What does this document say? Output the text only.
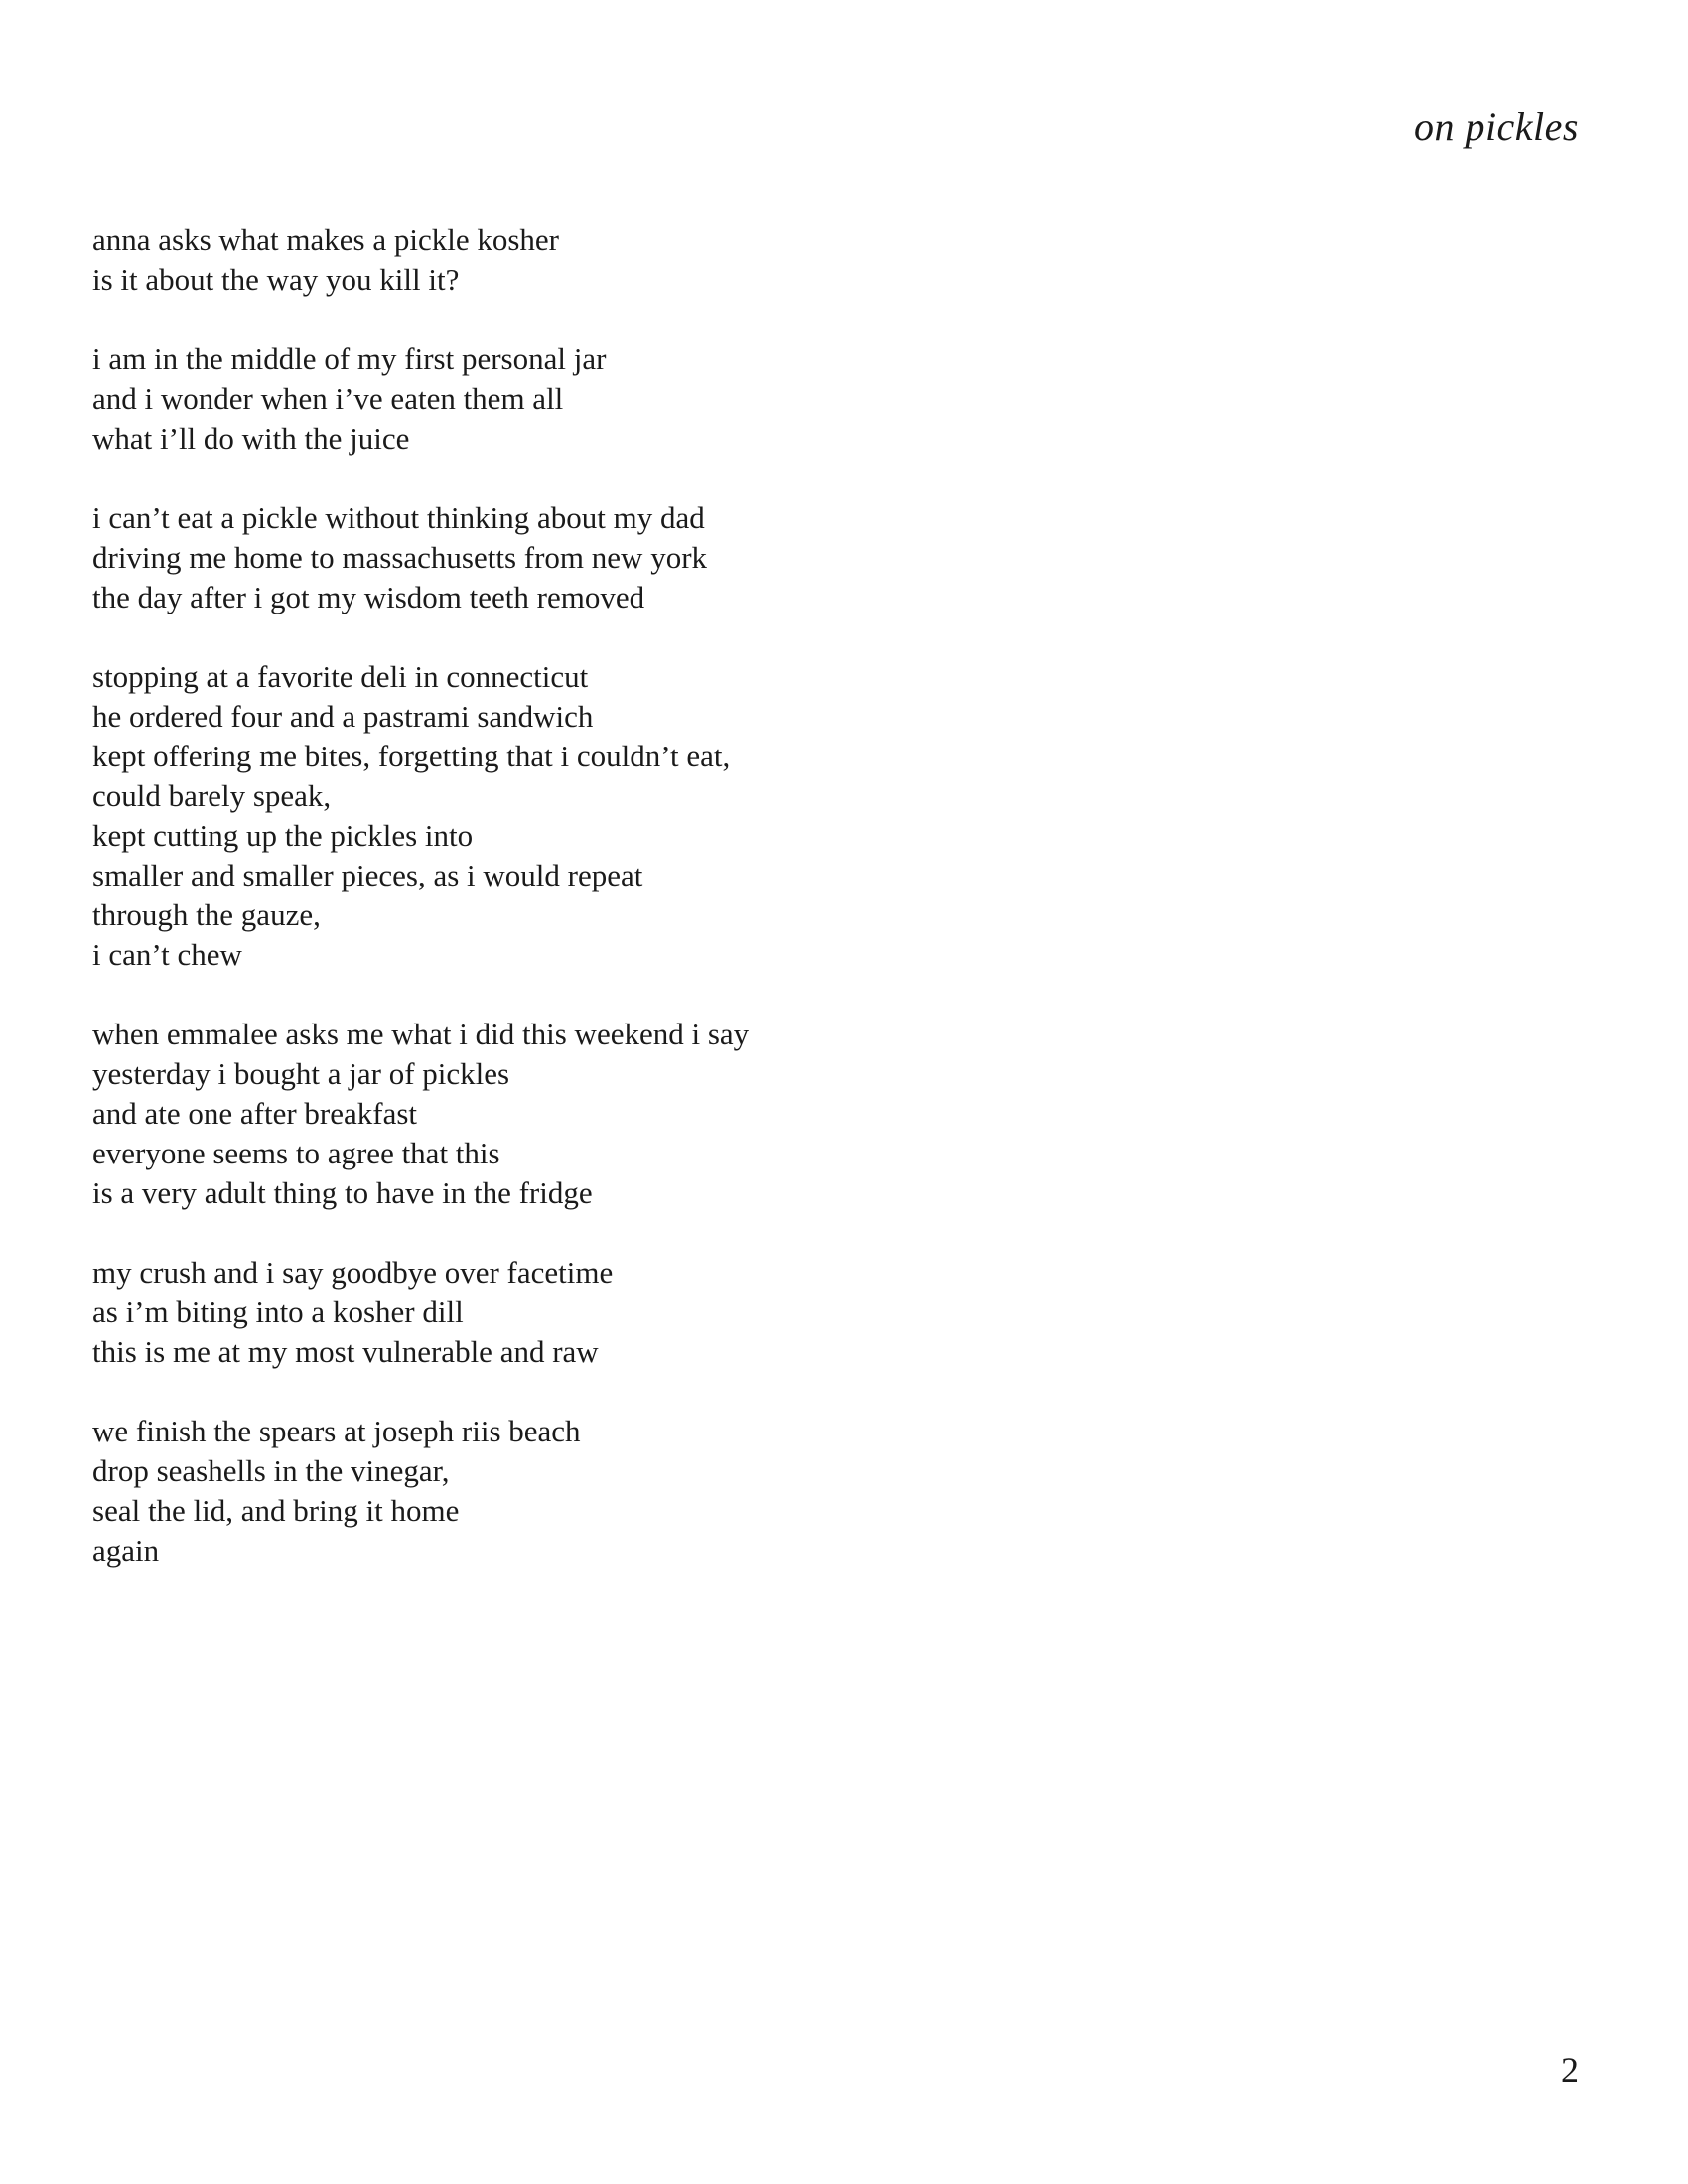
on pickles
anna asks what makes a pickle kosher
is it about the way you kill it?
i am in the middle of my first personal jar
and i wonder when i’ve eaten them all
what i’ll do with the juice
i can’t eat a pickle without thinking about my dad
driving me home to massachusetts from new york
the day after i got my wisdom teeth removed
stopping at a favorite deli in connecticut
he ordered four and a pastrami sandwich
kept offering me bites, forgetting that i couldn’t eat,
could barely speak,
kept cutting up the pickles into
smaller and smaller pieces, as i would repeat
through the gauze,
i can’t chew
when emmalee asks me what i did this weekend i say
yesterday i bought a jar of pickles
and ate one after breakfast
everyone seems to agree that this
is a very adult thing to have in the fridge
my crush and i say goodbye over facetime
as i’m biting into a kosher dill
this is me at my most vulnerable and raw
we finish the spears at joseph riis beach
drop seashells in the vinegar,
seal the lid, and bring it home
again
2
